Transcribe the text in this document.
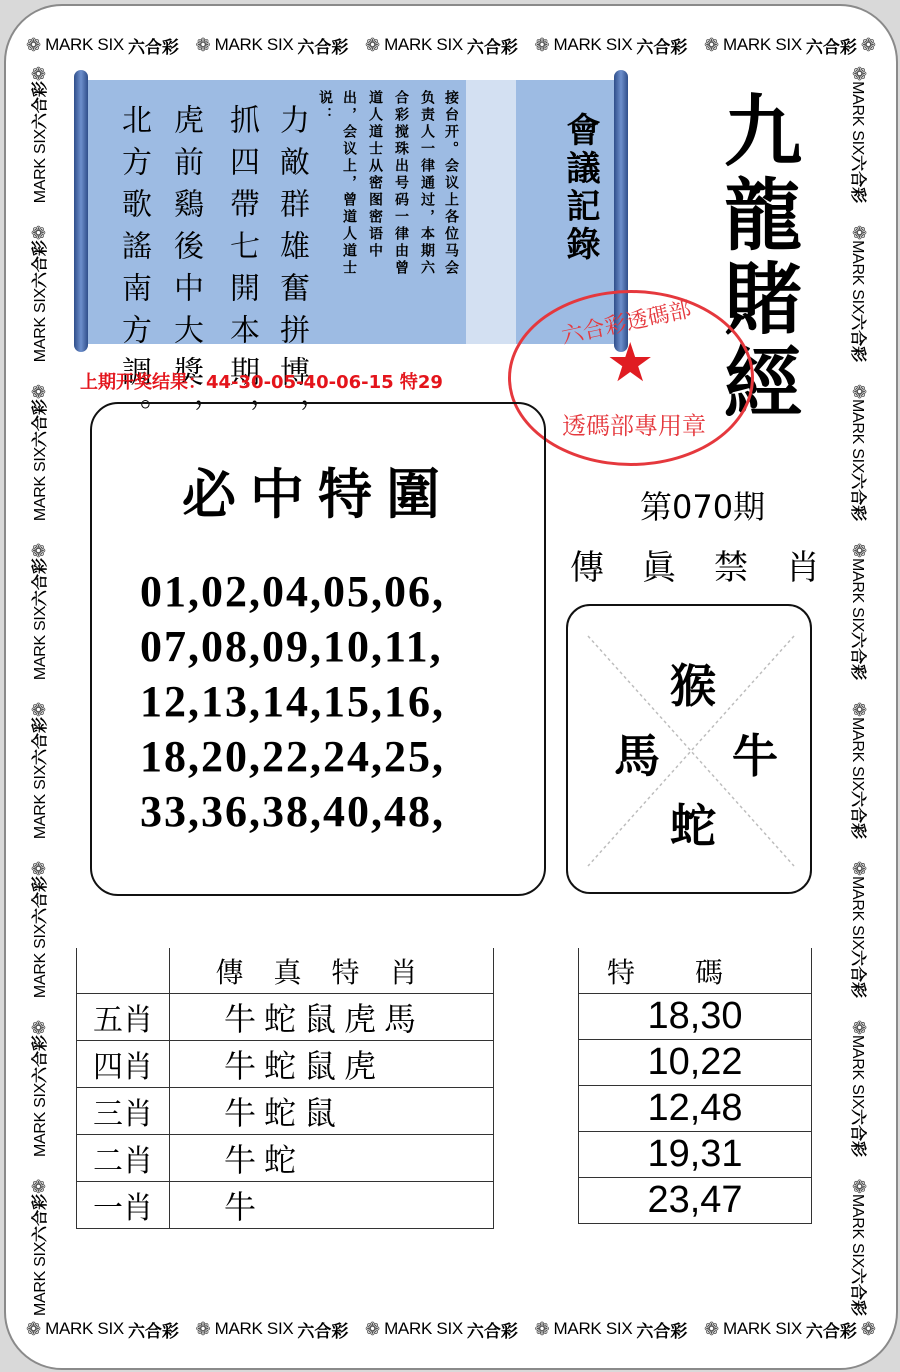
❁ MARK SIX 六合彩 ❁ MARK SIX 六合彩 ❁ MARK SIX 六合彩 ❁ MARK SIX 六合彩 ❁ MARK SIX 六合彩 ❁
❁ MARK SIX 六合彩 ❁ MARK SIX 六合彩 ❁ MARK SIX 六合彩 ❁ MARK SIX 六合彩 ❁ MARK SIX 六合彩 ❁
MARK SIX六合彩❁
MARK SIX六合彩❁
MARK SIX六合彩❁
MARK SIX六合彩❁
MARK SIX六合彩❁
MARK SIX六合彩❁
MARK SIX六合彩❁
MARK SIX六合彩❁	❁MARK SIX六合彩
❁MARK SIX六合彩
❁MARK SIX六合彩
❁MARK SIX六合彩
❁MARK SIX六合彩
❁MARK SIX六合彩
❁MARK SIX六合彩
❁MARK SIX六合彩
力敵群雄奮拼博，
抓四帶七開本期，
虎前鷄後中大獎，
北方歌謠南方調。	接台开。会议上各位马会
负责人一律通过，本期六
合彩搅珠出号码一律由曾
道人道士从密图密语中
出，会议上，曾道人道士
说：
會議記錄 九龍賭經
六合彩透碼部
★
透碼部專用章
上期开奖结果：44-30-05-40-06-15 特29
必中特圍
01,02,04,05,06,
07,08,09,10,11,
12,13,14,15,16,
18,20,22,24,25,
33,36,38,40,48,
第070期
傳 眞 禁 肖
猴
馬 牛
蛇
	傳真特肖
五肖	牛蛇鼠虎馬
四肖	牛蛇鼠虎
三肖	牛蛇鼠
二肖	牛蛇
一肖	牛
特碼
18,30
10,22
12,48
19,31
23,47
